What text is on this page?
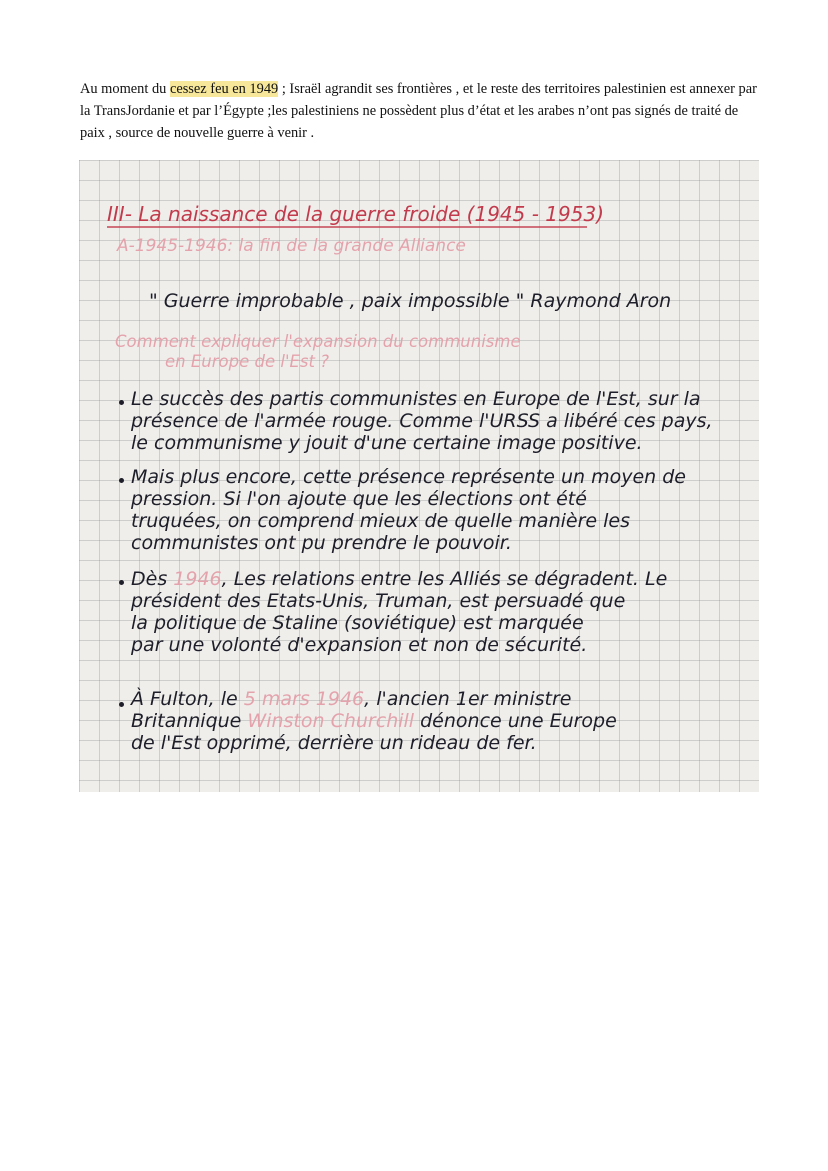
Au moment du cessez feu en 1949 ; Israël agrandit ses frontières , et le reste des territoires palestinien est annexer par la TransJordanie et par l’Égypte ;les palestiniens ne possèdent plus d’état et les arabes n’ont pas signés de traité de paix , source de nouvelle guerre à venir .

III- La naissance de la guerre froide (1945 - 1953)

A-1945-1946: la fin de la grande Alliance

" Guerre improbable , paix impossible " Raymond Aron

Comment expliquer l'expansion du communisme

en Europe de l'Est ?

Le succès des partis communistes en Europe de l'Est, sur la
présence de l'armée rouge. Comme l'URSS a libéré ces pays,
le communisme y jouit d'une certaine image positive.
Mais plus encore, cette présence représente un moyen de
pression. Si l'on ajoute que les élections ont été
truquées, on comprend mieux de quelle manière les
communistes ont pu prendre le pouvoir.
Dès 1946, Les relations entre les Alliés se dégradent. Le
président des Etats-Unis, Truman, est persuadé que
la politique de Staline (soviétique) est marquée
par une volonté d'expansion et non de sécurité.
À Fulton, le 5 mars 1946, l'ancien 1er ministre
Britannique Winston Churchill dénonce une Europe
de l'Est opprimé, derrière un rideau de fer.
